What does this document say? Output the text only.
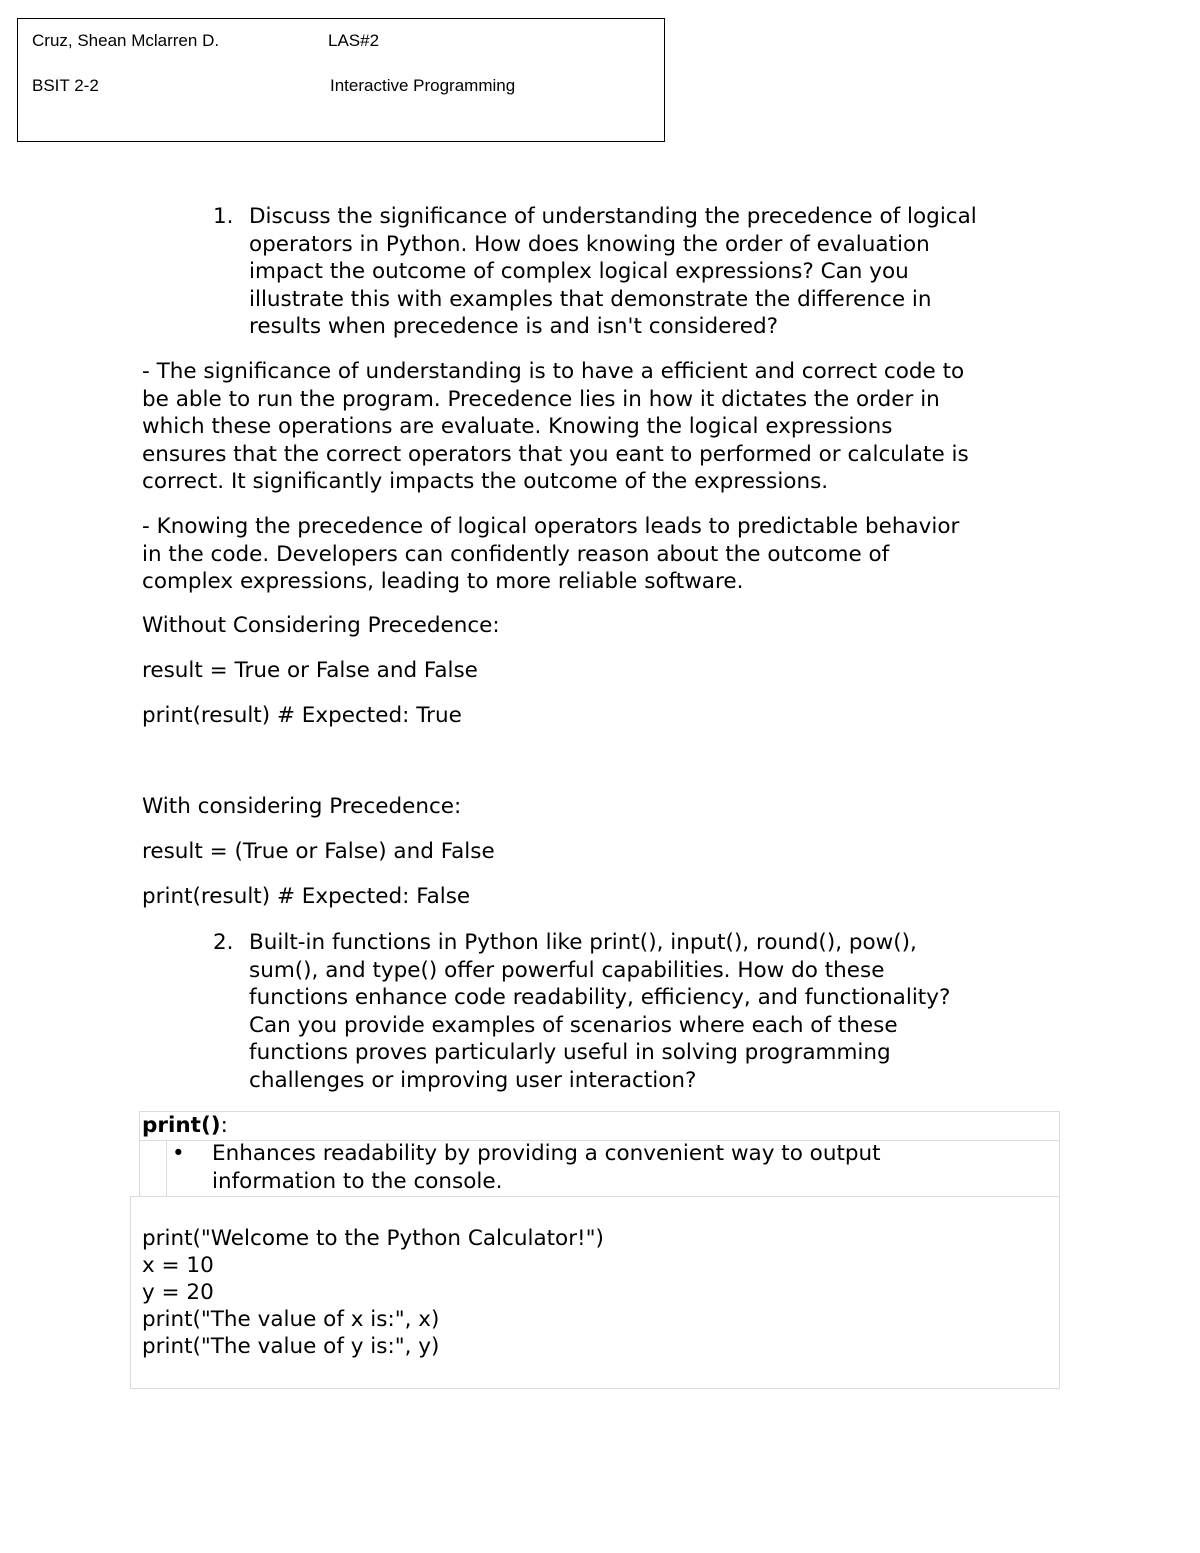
Cruz, Shean Mclarren D.	LAS#2
BSIT 2-2	Interactive Programming
1. Discuss the significance of understanding the precedence of logical
operators in Python. How does knowing the order of evaluation
impact the outcome of complex logical expressions? Can you
illustrate this with examples that demonstrate the difference in
results when precedence is and isn't considered?
- The significance of understanding is to have a efficient and correct code to
be able to run the program. Precedence lies in how it dictates the order in
which these operations are evaluate. Knowing the logical expressions
ensures that the correct operators that you eant to performed or calculate is
correct. It significantly impacts the outcome of the expressions.
- Knowing the precedence of logical operators leads to predictable behavior
in the code. Developers can confidently reason about the outcome of
complex expressions, leading to more reliable software.
Without Considering Precedence:
result = True or False and False
print(result) # Expected: True
With considering Precedence:
result = (True or False) and False
print(result) # Expected: False
2. Built-in functions in Python like print(), input(), round(), pow(),
sum(), and type() offer powerful capabilities. How do these
functions enhance code readability, efficiency, and functionality?
Can you provide examples of scenarios where each of these
functions proves particularly useful in solving programming
challenges or improving user interaction?
print():
• Enhances readability by providing a convenient way to output
information to the console.
print("Welcome to the Python Calculator!")
x = 10
y = 20
print("The value of x is:", x)
print("The value of y is:", y)
